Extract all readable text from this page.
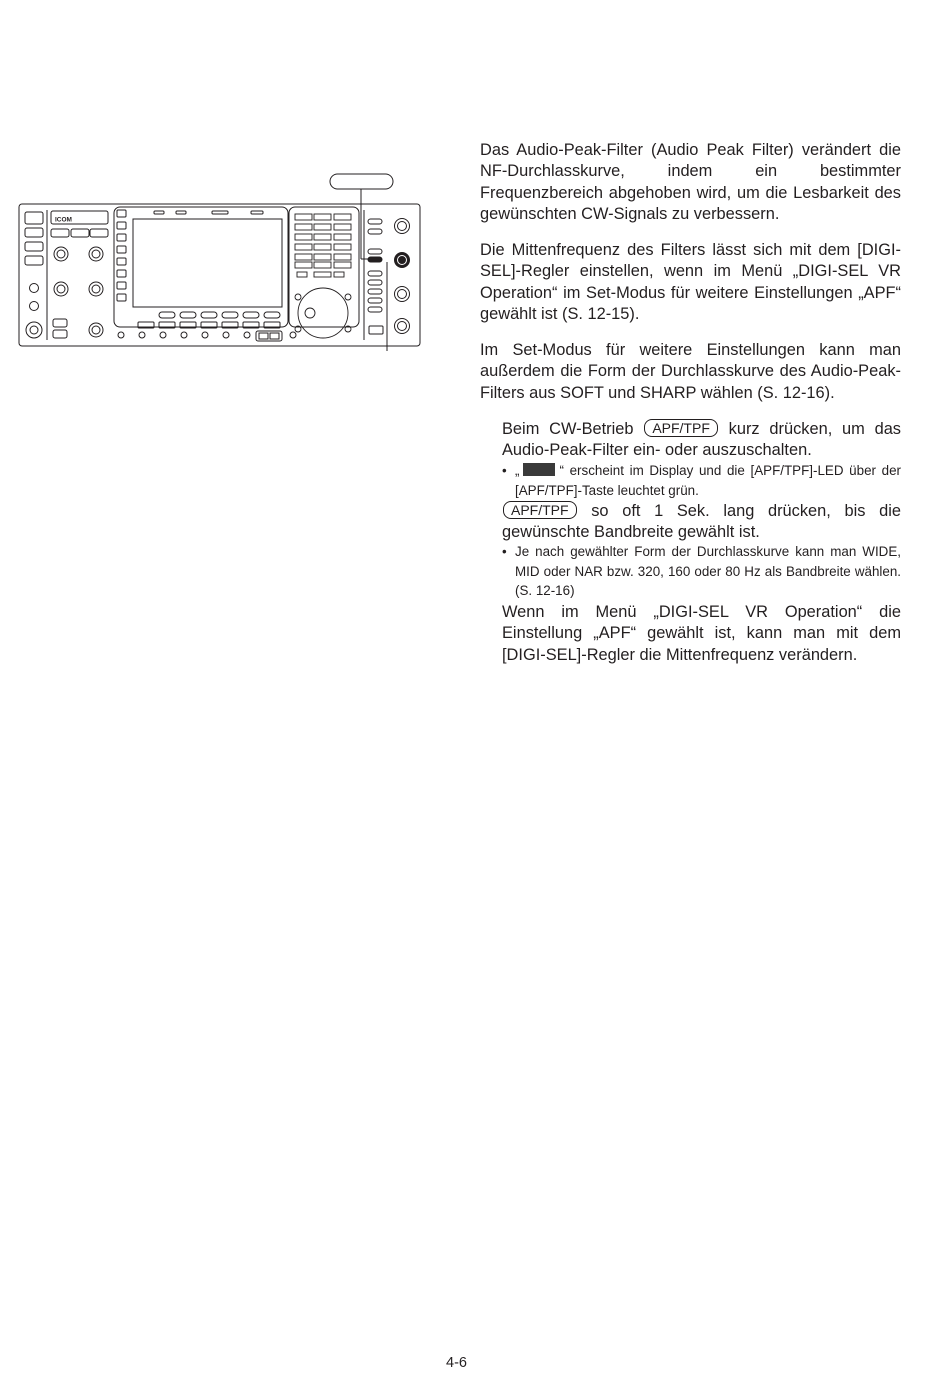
ICOM

Das Audio-Peak-Filter (Audio Peak Filter) verändert die NF-Durchlasskurve, indem ein bestimmter Frequenzbereich abgehoben wird, um die Lesbarkeit des gewünschten CW-Signals zu verbessern.

Die Mittenfrequenz des Filters lässt sich mit dem [DIGI-SEL]-Regler einstellen, wenn im Menü „DIGI-SEL VR Operation“ im Set-Modus für weitere Einstellungen „APF“ gewählt ist (S. 12-15).

Im Set-Modus für weitere Einstellungen kann man außerdem die Form der Durchlasskurve des Audio-Peak-Filters aus SOFT und SHARP wählen (S. 12-16).

Beim CW-Betrieb APF/TPF kurz drücken, um das Audio-Peak-Filter ein- oder auszuschalten.

• „	“ erscheint im Display und die [APF/TPF]-LED über der [APF/TPF]-Taste leuchtet grün.

APF/TPF so oft 1 Sek. lang drücken, bis die gewünschte Bandbreite gewählt ist.

• Je nach gewählter Form der Durchlasskurve kann man WIDE, MID oder NAR bzw. 320, 160 oder 80 Hz als Bandbreite wählen. (S. 12-16)

Wenn im Menü „DIGI-SEL VR Operation“ die Einstellung „APF“ gewählt ist, kann man mit dem [DIGI-SEL]-Regler die Mittenfrequenz verändern.

4-6
